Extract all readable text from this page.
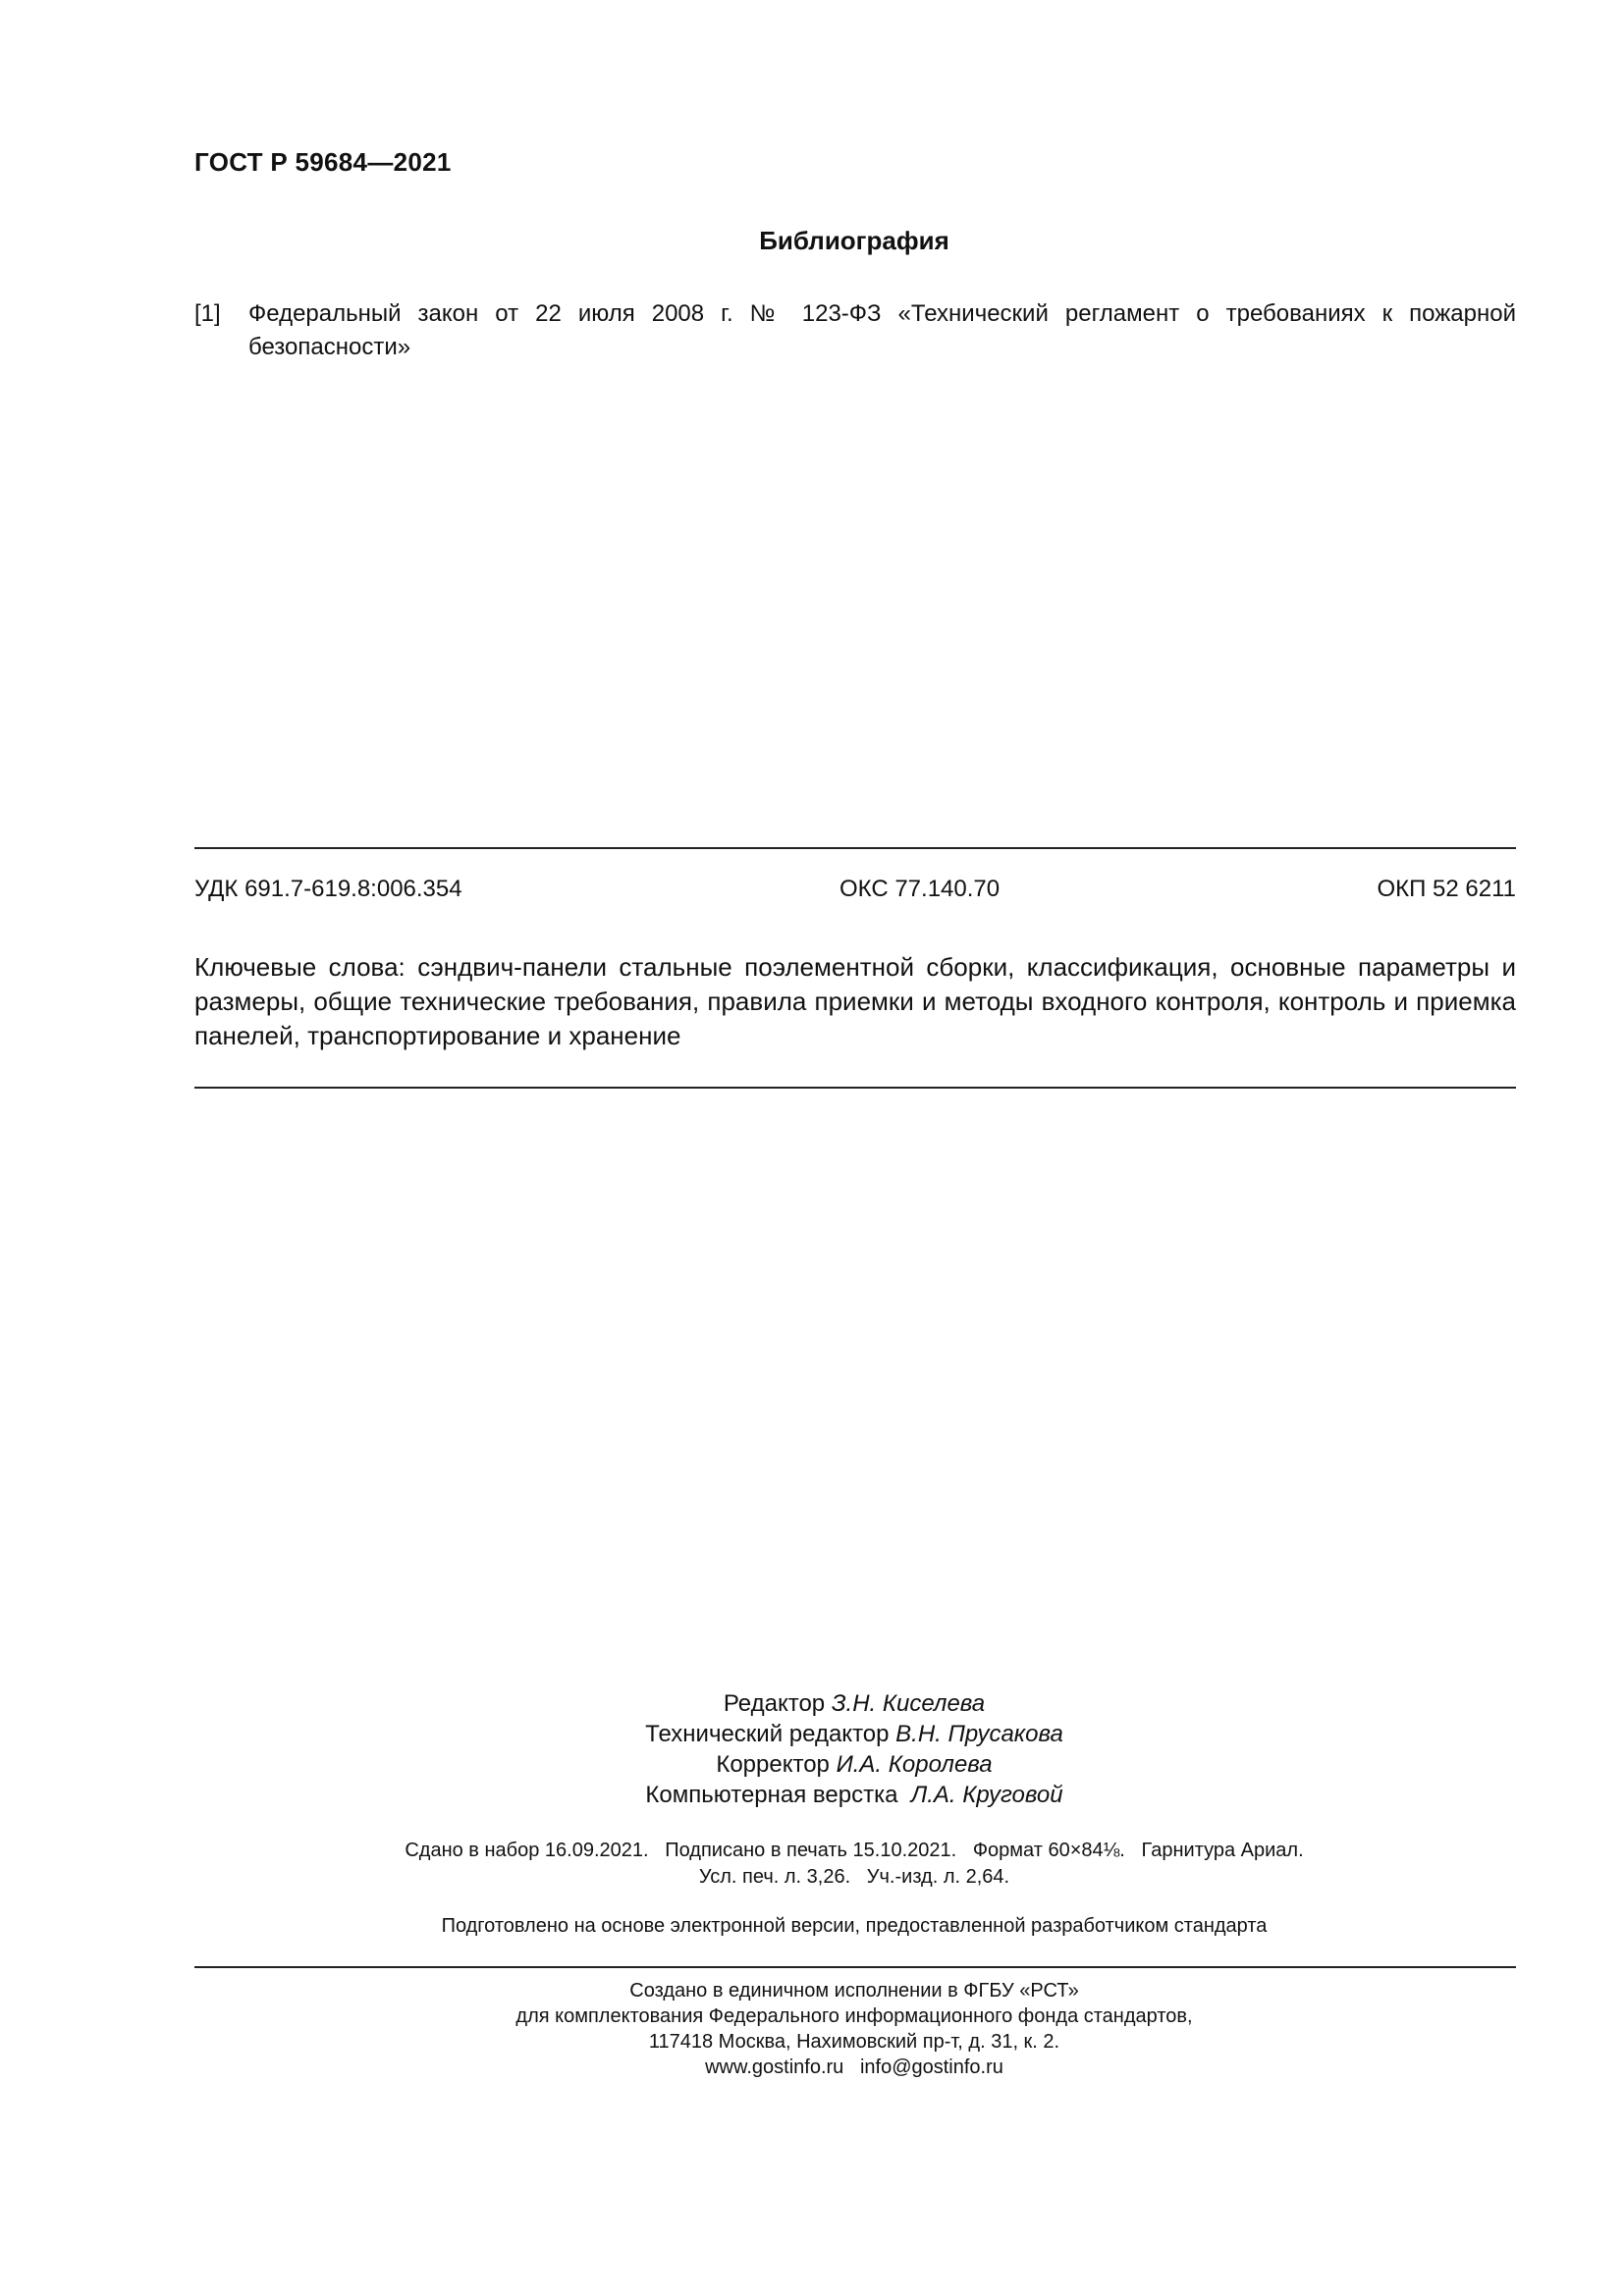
ГОСТ Р 59684—2021
Библиография
[1] Федеральный закон от 22 июля 2008 г. № 123-ФЗ «Технический регламент о требованиях к пожарной безопасности»
УДК 691.7-619.8:006.354	ОКС 77.140.70	ОКП 52 6211
Ключевые слова: сэндвич-панели стальные поэлементной сборки, классификация, основные параметры и размеры, общие технические требования, правила приемки и методы входного контроля, контроль и приемка панелей, транспортирование и хранение
Редактор З.Н. Киселева
Технический редактор В.Н. Прусакова
Корректор И.А. Королева
Компьютерная верстка Л.А. Круговой
Сдано в набор 16.09.2021.   Подписано в печать 15.10.2021.   Формат 60×84⅛.   Гарнитура Ариал.
Усл. печ. л. 3,26.   Уч.-изд. л. 2,64.
Подготовлено на основе электронной версии, предоставленной разработчиком стандарта
Создано в единичном исполнении в ФГБУ «РСТ»
для комплектования Федерального информационного фонда стандартов,
117418 Москва, Нахимовский пр-т, д. 31, к. 2.
www.gostinfo.ru   info@gostinfo.ru
